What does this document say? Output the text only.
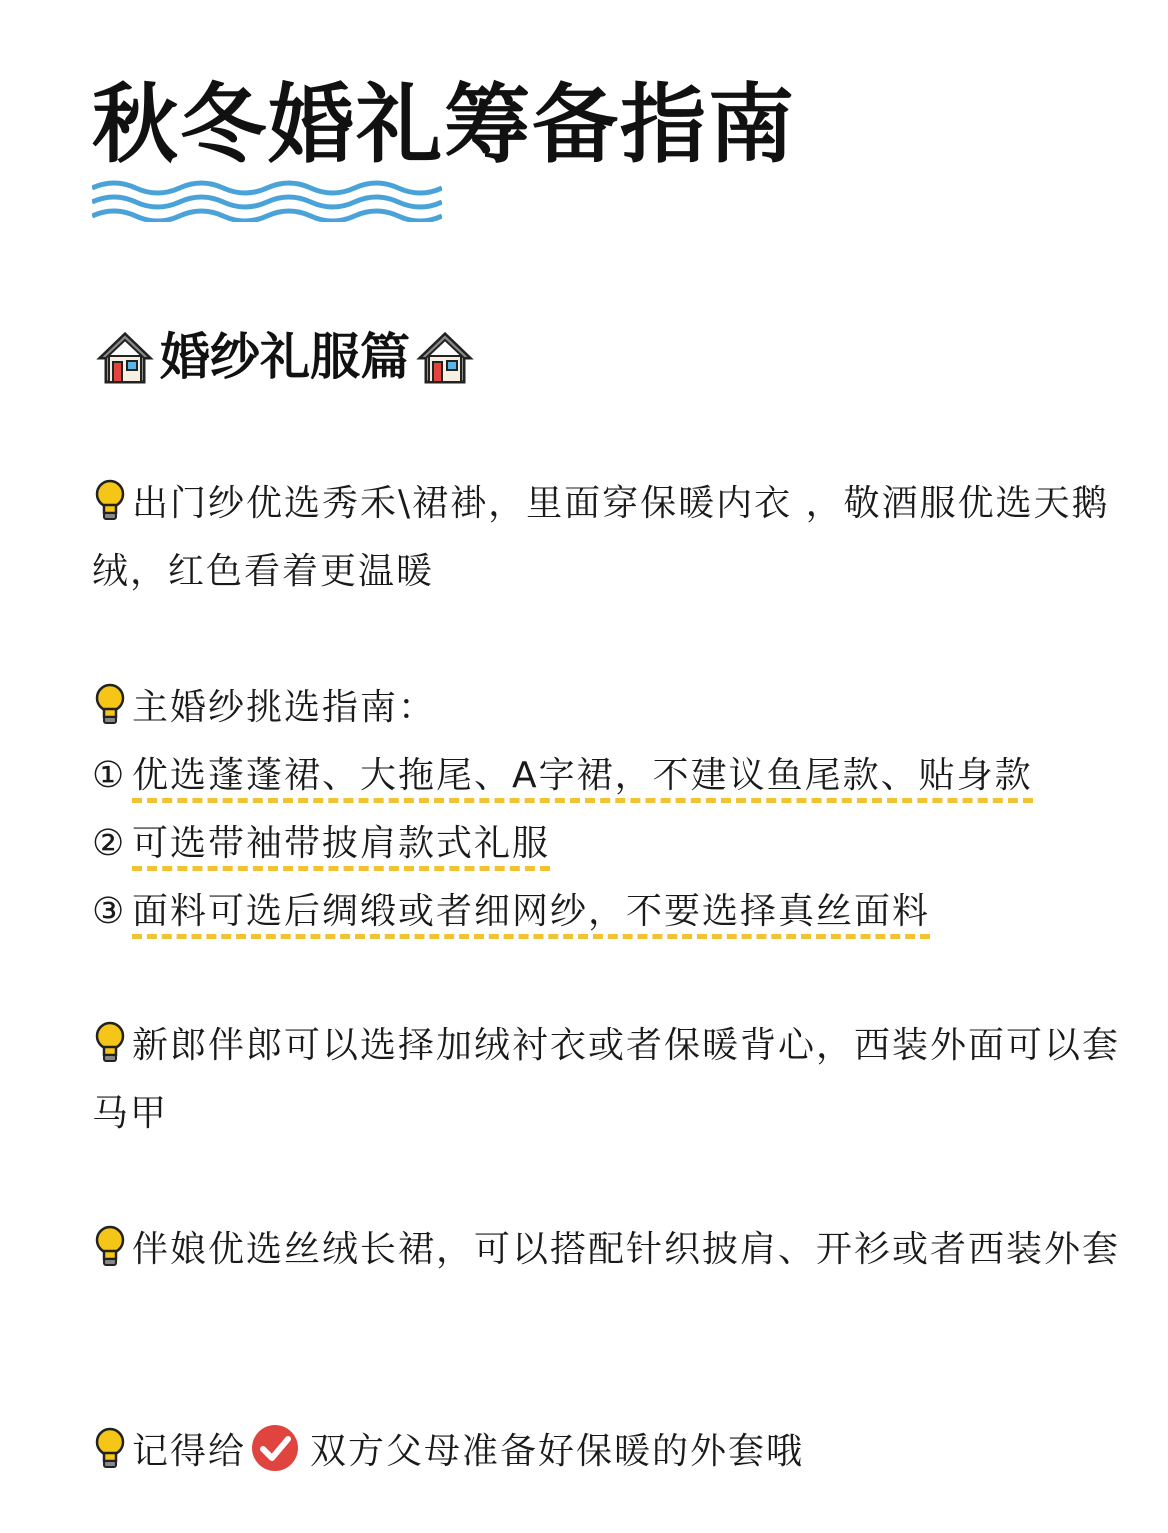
秋冬婚礼筹备指南
婚纱礼服篇
出门纱优选秀禾\裙褂，里面穿保暖内衣 ，敬酒服优选天鹅绒，红色看着更温暖
主婚纱挑选指南：
① 优选蓬蓬裙、大拖尾、A字裙，不建议鱼尾款、贴身款
② 可选带袖带披肩款式礼服
③ 面料可选后绸缎或者细网纱，不要选择真丝面料
新郎伴郎可以选择加绒衬衣或者保暖背心，西装外面可以套马甲
伴娘优选丝绒长裙，可以搭配针织披肩、开衫或者西装外套
记得给 双方父母准备好保暖的外套哦
